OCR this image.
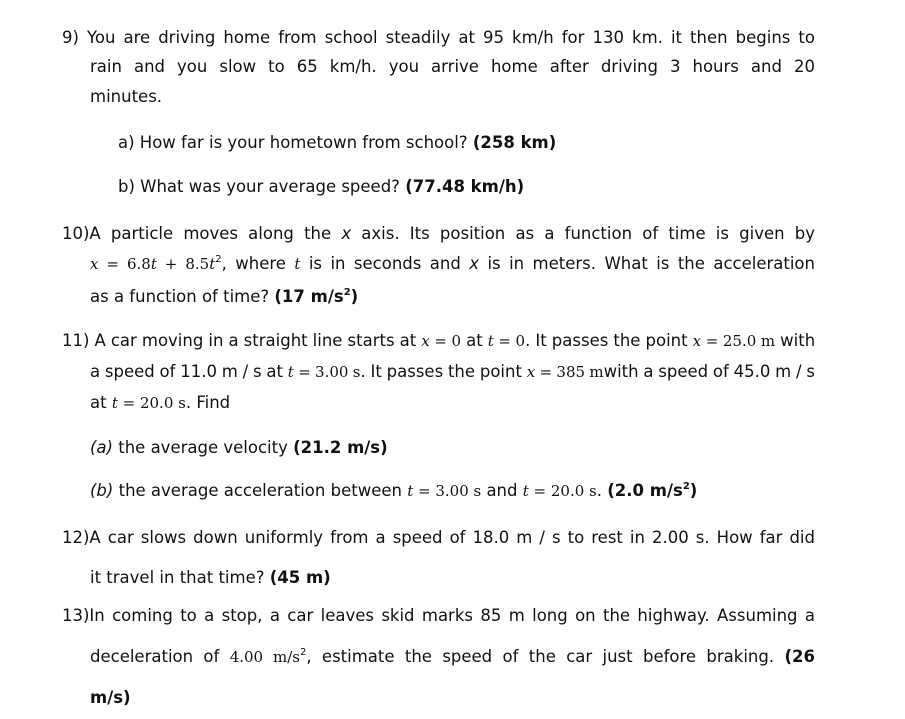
9) You are driving home from school steadily at 95 km/h for 130 km. it then begins to
rain and you slow to 65 km/h. you arrive home after driving 3 hours and 20
minutes.
a) How far is your hometown from school? (258 km)
b) What was your average speed? (77.48 km/h)
10)A particle moves along the x axis. Its position as a function of time is given by
$x = 6.8t + 8.5t^2$, where t is in seconds and x is in meters. What is the acceleration
as a function of time? (17 $m/s^2$)
11) A car moving in a straight line starts at x = 0 at t = 0. It passes the point x = 25.0 m with
a speed of 11.0 m / s at t = 3.00 s. It passes the point x = 385 mwith a speed of 45.0 m / s
at t = 20.0 s. Find
(a) the average velocity (21.2 m/s)
(b) the average acceleration between t = 3.00 s and t = 20.0 s. (2.0 $m/s^2$)
12)A car slows down uniformly from a speed of 18.0 m / s to rest in 2.00 s. How far did
it travel in that time? (45 m)
13)In coming to a stop, a car leaves skid marks 85 m long on the highway. Assuming a
deceleration of 4.00 $m/s^2$, estimate the speed of the car just before braking. (26
m/s)
